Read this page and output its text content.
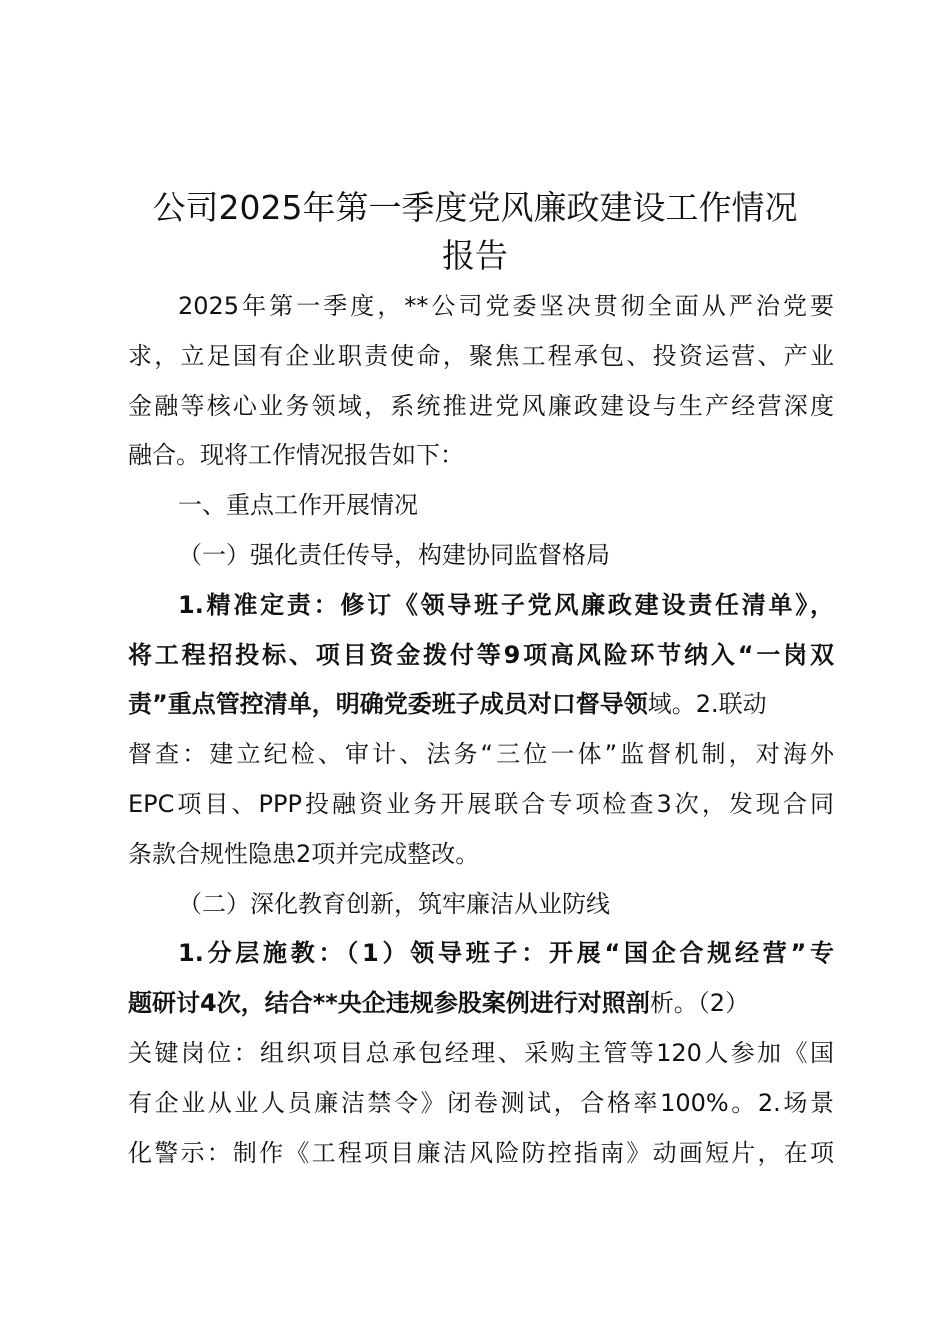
公司2025年第一季度党风廉政建设工作情况
报告
2025年第一季度，**公司党委坚决贯彻全面从严治党要
求，立足国有企业职责使命，聚焦工程承包、投资运营、产业
金融等核心业务领域，系统推进党风廉政建设与生产经营深度
融合。现将工作情况报告如下：
一、重点工作开展情况
（一）强化责任传导，构建协同监督格局
1.精准定责：修订《领导班子党风廉政建设责任清单》，
将工程招投标、项目资金拨付等9项高风险环节纳入“一岗双
责”重点管控清单，明确党委班子成员对口督导领域。2.联动
督查：建立纪检、审计、法务“三位一体”监督机制，对海外
EPC项目、PPP投融资业务开展联合专项检查3次，发现合同
条款合规性隐患2项并完成整改。
（二）深化教育创新，筑牢廉洁从业防线
1.分层施教：（1）领导班子：开展“国企合规经营”专
题研讨4次，结合**央企违规参股案例进行对照剖析。（2）
关键岗位：组织项目总承包经理、采购主管等120人参加《国
有企业从业人员廉洁禁令》闭卷测试，合格率100%。2.场景
化警示：制作《工程项目廉洁风险防控指南》动画短片，在项
